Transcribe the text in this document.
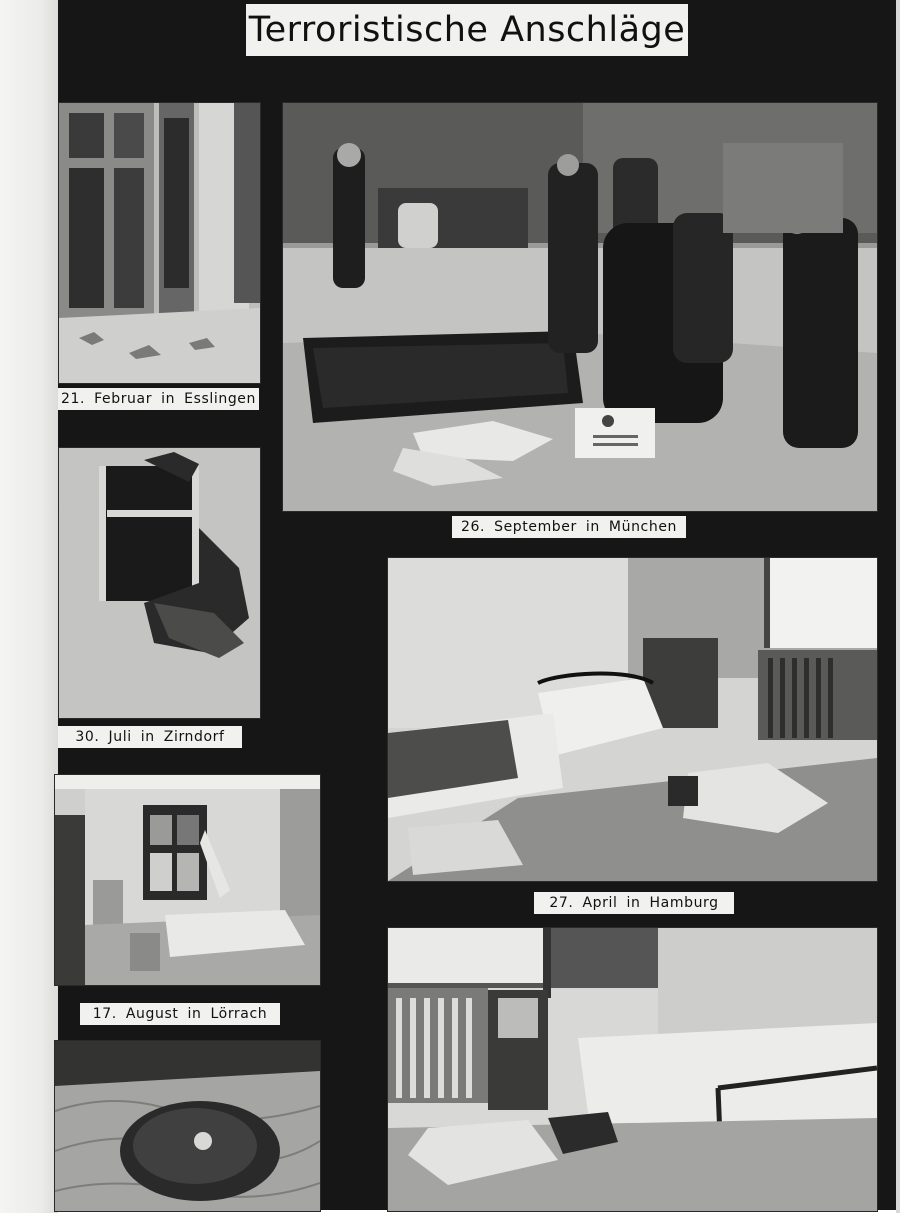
Terroristische Anschläge
21. Februar in Esslingen
26. September in München
30. Juli in Zirndorf
27. April in Hamburg
17. August in Lörrach
